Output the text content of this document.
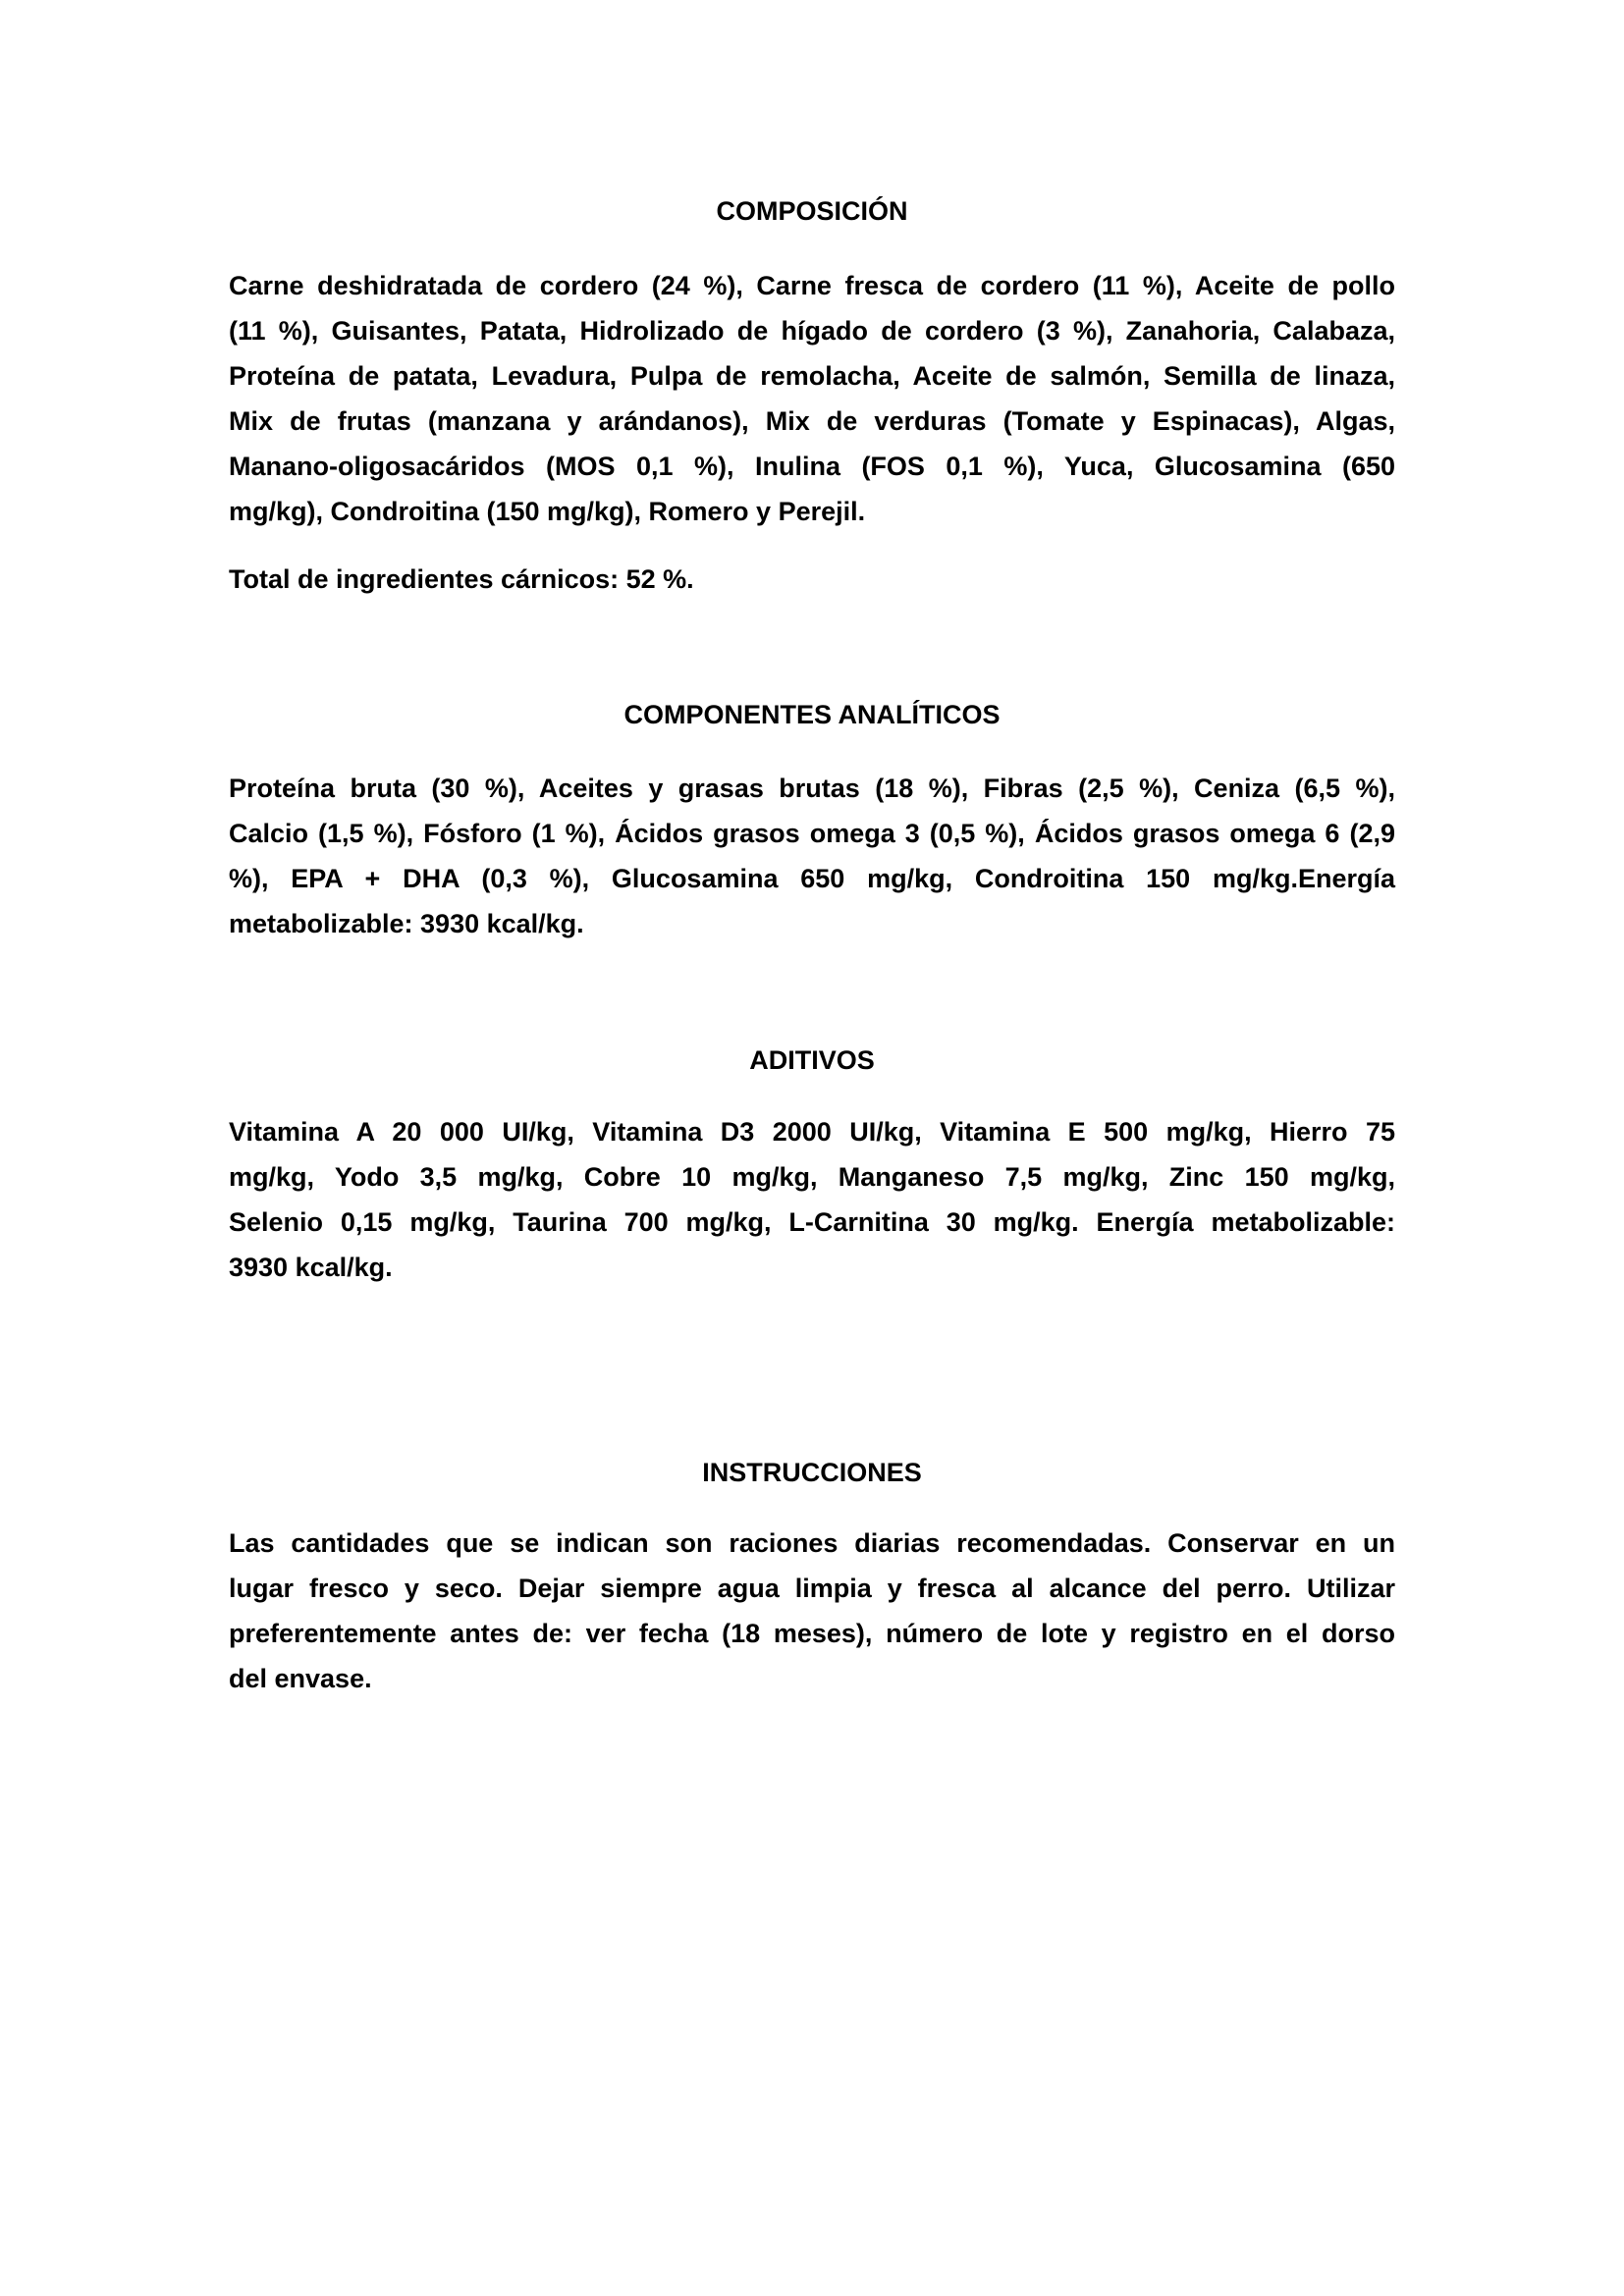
COMPOSICIÓN
Carne deshidratada de cordero (24 %), Carne fresca de cordero (11 %), Aceite de pollo
(11 %), Guisantes, Patata, Hidrolizado de hígado de cordero (3 %), Zanahoria, Calabaza,
Proteína de patata, Levadura, Pulpa de remolacha, Aceite de salmón, Semilla de linaza,
Mix de frutas (manzana y arándanos), Mix de verduras (Tomate y Espinacas), Algas,
Manano-oligosacáridos (MOS 0,1 %), Inulina (FOS 0,1 %), Yuca, Glucosamina (650
mg/kg), Condroitina (150 mg/kg), Romero y Perejil.
Total de ingredientes cárnicos: 52 %.
COMPONENTES ANALÍTICOS
Proteína bruta (30 %), Aceites y grasas brutas (18 %), Fibras (2,5 %), Ceniza (6,5 %),
Calcio (1,5 %), Fósforo (1 %), Ácidos grasos omega 3 (0,5 %), Ácidos grasos omega 6 (2,9
%), EPA + DHA (0,3 %), Glucosamina 650 mg/kg, Condroitina 150 mg/kg.Energía
metabolizable: 3930 kcal/kg.
ADITIVOS
Vitamina A 20 000 UI/kg, Vitamina D3 2000 UI/kg, Vitamina E 500 mg/kg, Hierro 75
mg/kg, Yodo 3,5 mg/kg, Cobre 10 mg/kg, Manganeso 7,5 mg/kg, Zinc 150 mg/kg,
Selenio 0,15 mg/kg, Taurina 700 mg/kg, L-Carnitina 30 mg/kg. Energía metabolizable:
3930 kcal/kg.
INSTRUCCIONES
Las cantidades que se indican son raciones diarias recomendadas. Conservar en un
lugar fresco y seco. Dejar siempre agua limpia y fresca al alcance del perro. Utilizar
preferentemente antes de: ver fecha (18 meses), número de lote y registro en el dorso
del envase.
